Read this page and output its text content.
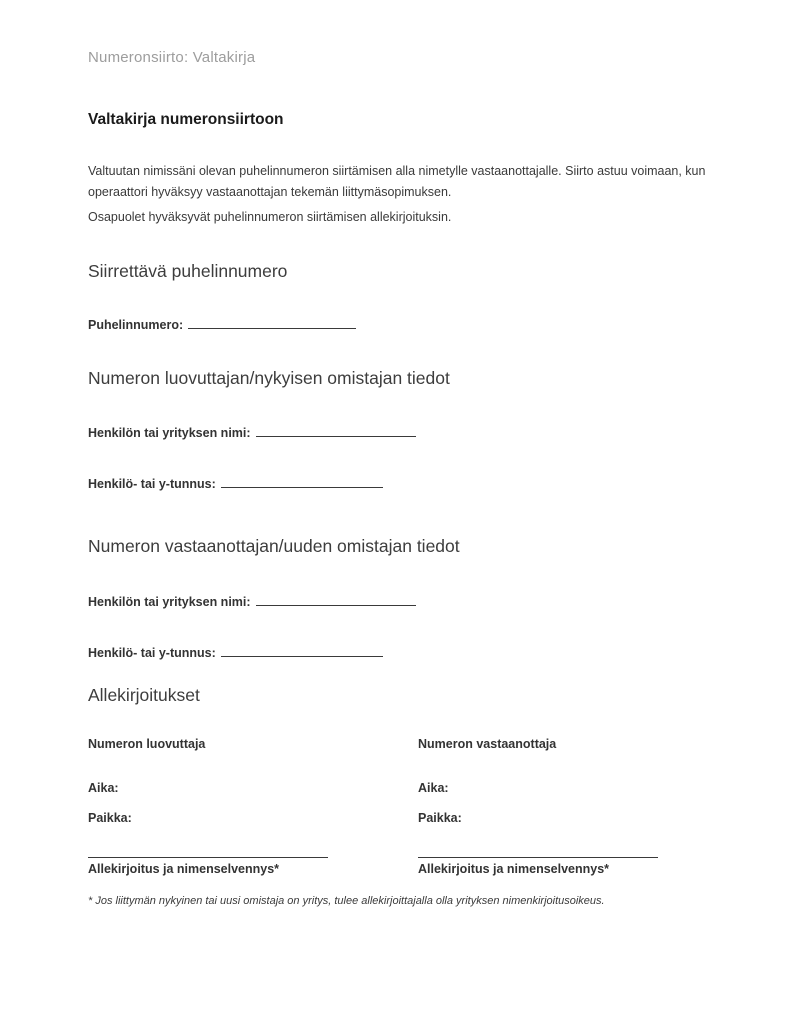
Numeronsiirto: Valtakirja
Valtakirja numeronsiirtoon
Valtuutan nimissäni olevan puhelinnumeron siirtämisen alla nimetylle vastaanottajalle. Siirto astuu voimaan, kun operaattori hyväksyy vastaanottajan tekemän liittymäsopimuksen.
Osapuolet hyväksyvät puhelinnumeron siirtämisen allekirjoituksin.
Siirrettävä puhelinnumero
Puhelinnumero:
Numeron luovuttajan/nykyisen omistajan tiedot
Henkilön tai yrityksen nimi:
Henkilö- tai y-tunnus:
Numeron vastaanottajan/uuden omistajan tiedot
Henkilön tai yrityksen nimi:
Henkilö- tai y-tunnus:
Allekirjoitukset
Numeron luovuttaja
Aika:
Paikka:
Allekirjoitus ja nimenselvennys*
Numeron vastaanottaja
Aika:
Paikka:
Allekirjoitus ja nimenselvennys*
* Jos liittymän nykyinen tai uusi omistaja on yritys, tulee allekirjoittajalla olla yrityksen nimenkirjoitusoikeus.
